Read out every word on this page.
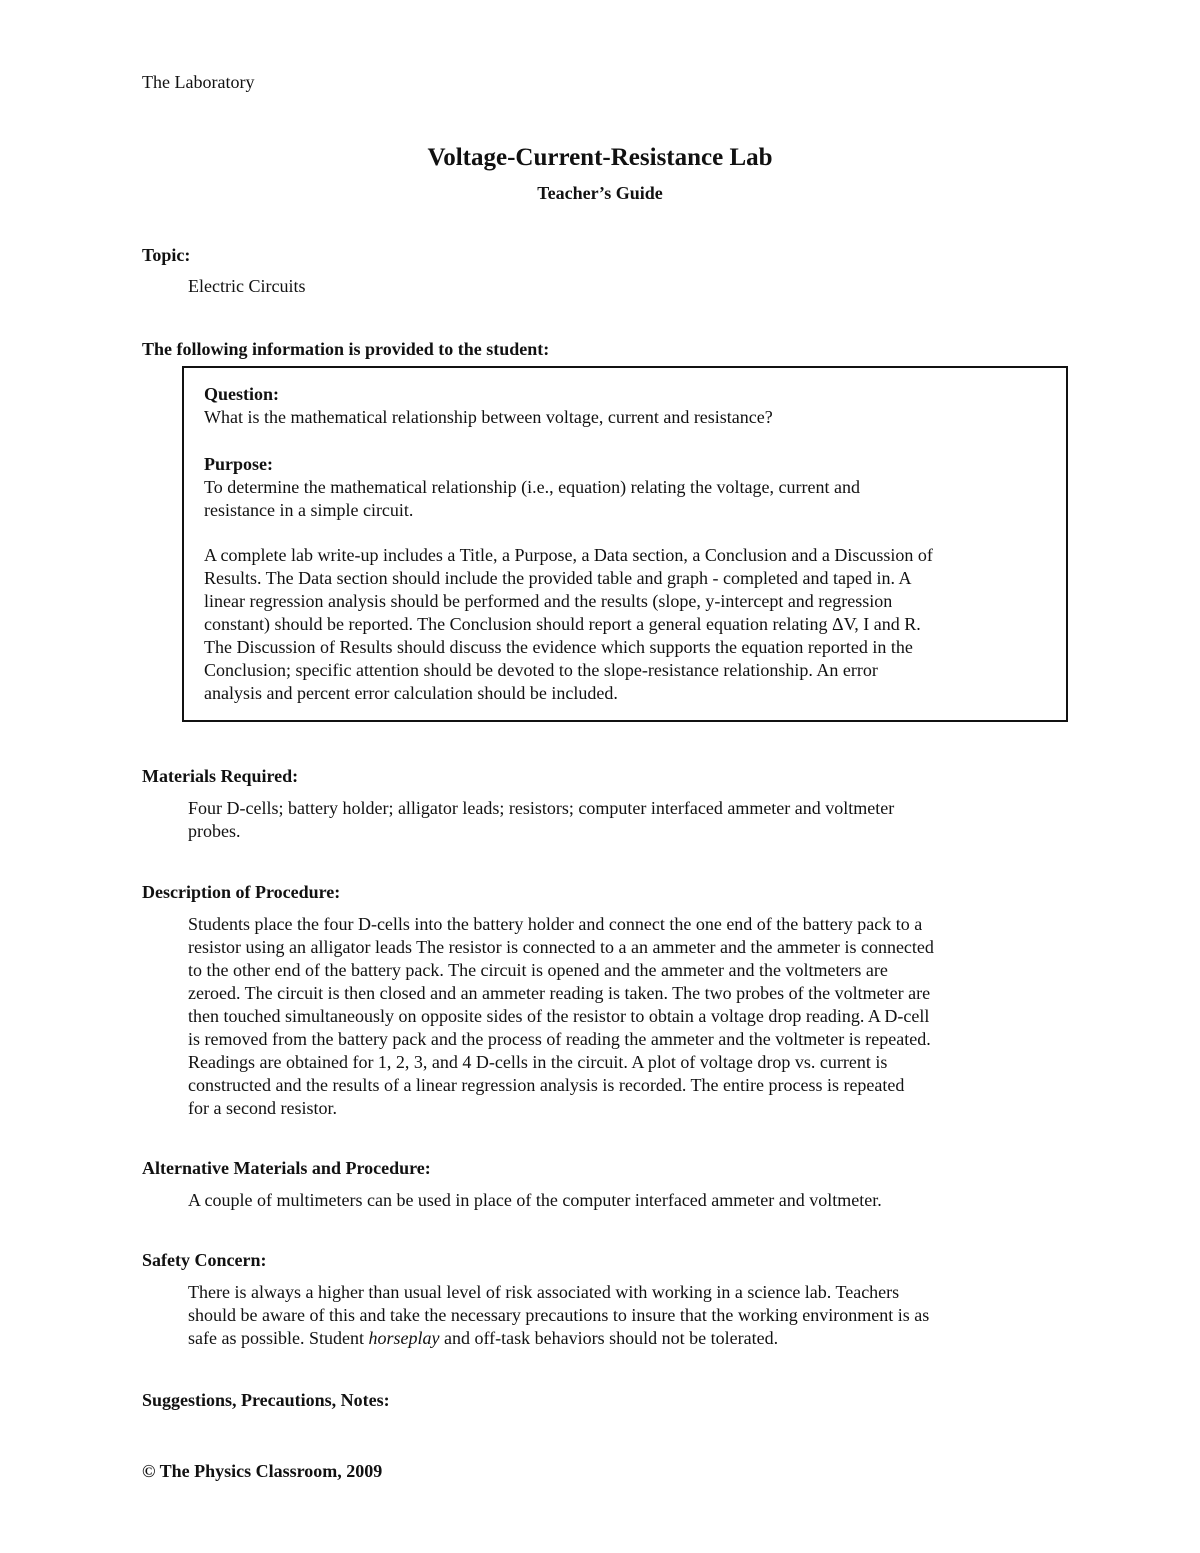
The Laboratory
Voltage-Current-Resistance Lab
Teacher’s Guide
Topic:
Electric Circuits
The following information is provided to the student:
Question:
What is the mathematical relationship between voltage, current and resistance?
Purpose:
To determine the mathematical relationship (i.e., equation) relating the voltage, current and
resistance in a simple circuit.
A complete lab write-up includes a Title, a Purpose, a Data section, a Conclusion and a Discussion of
Results. The Data section should include the provided table and graph - completed and taped in. A
linear regression analysis should be performed and the results (slope, y-intercept and regression
constant) should be reported. The Conclusion should report a general equation relating ΔV, I and R.
The Discussion of Results should discuss the evidence which supports the equation reported in the
Conclusion; specific attention should be devoted to the slope-resistance relationship. An error
analysis and percent error calculation should be included.
Materials Required:
Four D-cells; battery holder; alligator leads; resistors; computer interfaced ammeter and voltmeter
probes.
Description of Procedure:
Students place the four D-cells into the battery holder and connect the one end of the battery pack to a
resistor using an alligator leads The resistor is connected to a an ammeter and the ammeter is connected
to the other end of the battery pack. The circuit is opened and the ammeter and the voltmeters are
zeroed. The circuit is then closed and an ammeter reading is taken. The two probes of the voltmeter are
then touched simultaneously on opposite sides of the resistor to obtain a voltage drop reading. A D-cell
is removed from the battery pack and the process of reading the ammeter and the voltmeter is repeated.
Readings are obtained for 1, 2, 3, and 4 D-cells in the circuit. A plot of voltage drop vs. current is
constructed and the results of a linear regression analysis is recorded. The entire process is repeated
for a second resistor.
Alternative Materials and Procedure:
A couple of multimeters can be used in place of the computer interfaced ammeter and voltmeter.
Safety Concern:
There is always a higher than usual level of risk associated with working in a science lab. Teachers
should be aware of this and take the necessary precautions to insure that the working environment is as
safe as possible. Student horseplay and off-task behaviors should not be tolerated.
Suggestions, Precautions, Notes:
© The Physics Classroom, 2009
